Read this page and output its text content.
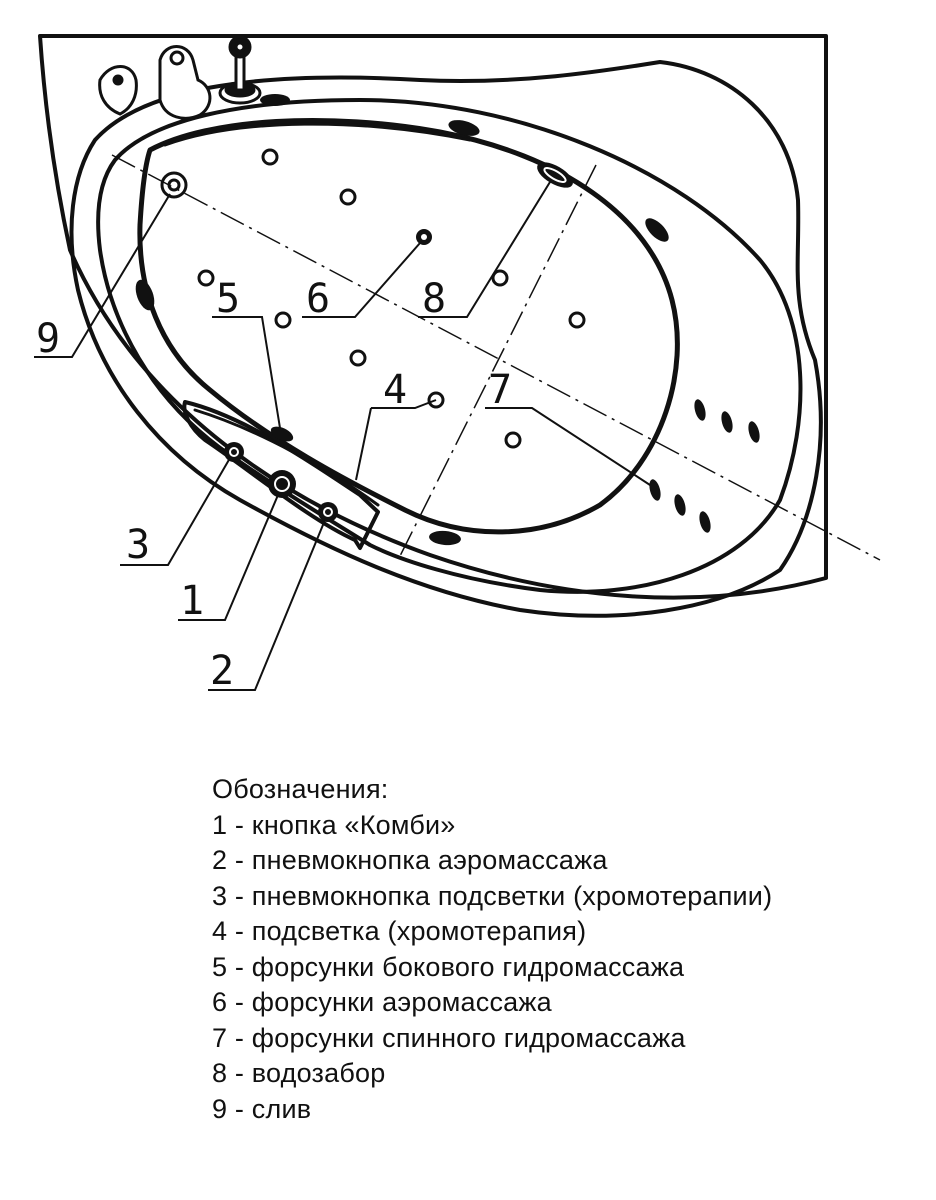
9
5 6 8
4 7
3
1
2
Обозначения:
1 - кнопка «Комби»
2 - пневмокнопка аэромассажа
3 - пневмокнопка подсветки (хромотерапии)
4 - подсветка (хромотерапия)
5 - форсунки бокового гидромассажа
6 - форсунки аэромассажа
7 - форсунки спинного гидромассажа
8 - водозабор
9 - слив
